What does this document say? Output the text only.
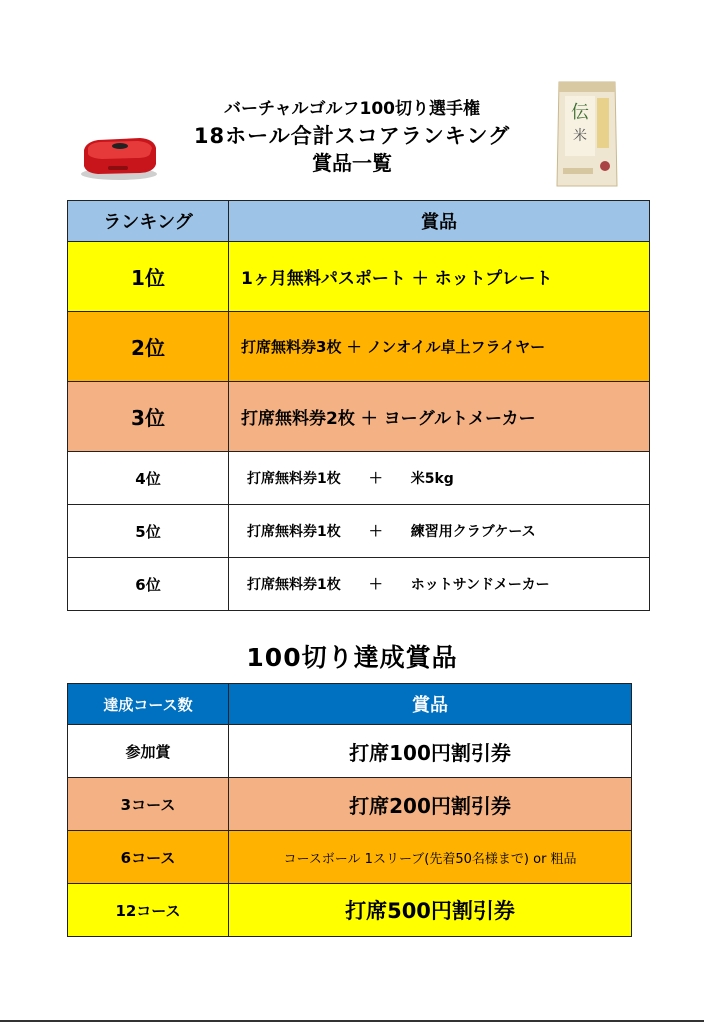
バーチャルゴルフ100切り選手権
18ホール合計スコアランキング
賞品一覧
伝
米
ランキング	賞品
1位	1ヶ月無料パスポート ＋ ホットプレート
2位	打席無料券3枚 ＋ ノンオイル卓上フライヤー
3位	打席無料券2枚 ＋ ヨーグルトメーカー
4位	打席無料券1枚　　＋　　米5kg
5位	打席無料券1枚　　＋　　練習用クラブケース
6位	打席無料券1枚　　＋　　ホットサンドメーカー
100切り達成賞品
達成コース数	賞品
参加賞	打席100円割引券
3コース	打席200円割引券
6コース	コースボール 1スリーブ(先着50名様まで) or 粗品
12コース	打席500円割引券
